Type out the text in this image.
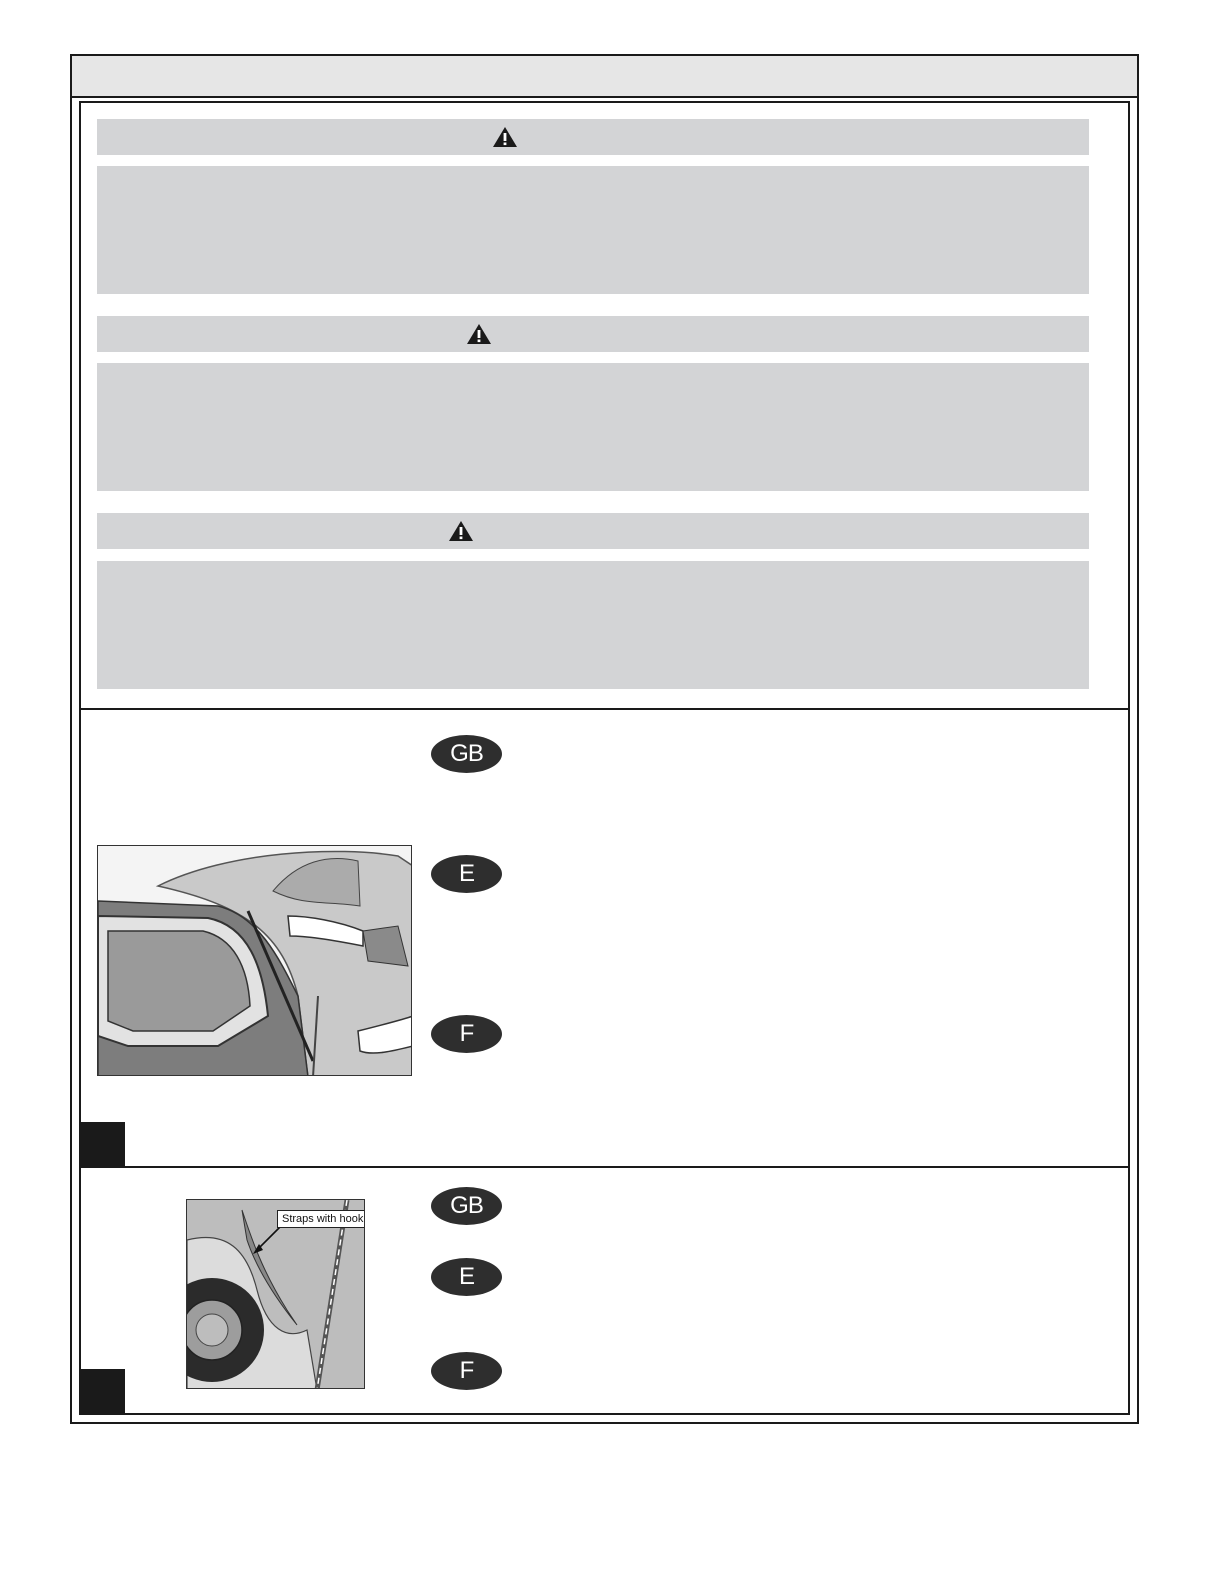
GB
E
F
Straps with hook	GB
E
F
